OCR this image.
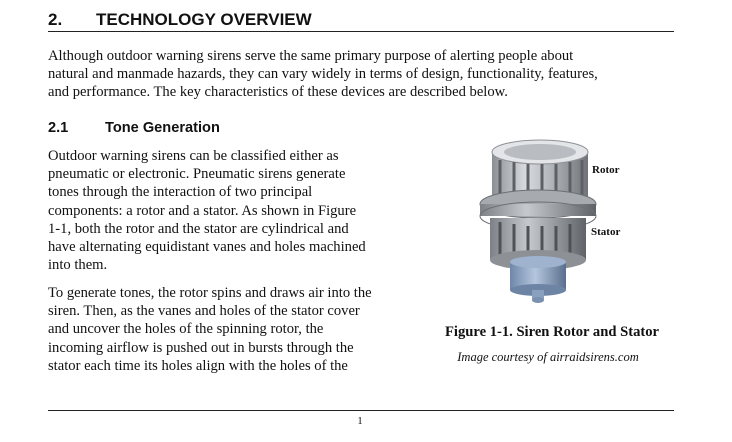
2. TECHNOLOGY OVERVIEW
Although outdoor warning sirens serve the same primary purpose of alerting people about
natural and manmade hazards, they can vary widely in terms of design, functionality, features,
and performance. The key characteristics of these devices are described below.
2.1	Tone Generation
Outdoor warning sirens can be classified either as
pneumatic or electronic. Pneumatic sirens generate
tones through the interaction of two principal
components: a rotor and a stator. As shown in Figure
1-1, both the rotor and the stator are cylindrical and
have alternating equidistant vanes and holes machined
into them.
To generate tones, the rotor spins and draws air into the
siren. Then, as the vanes and holes of the stator cover
and uncover the holes of the spinning rotor, the
incoming airflow is pushed out in bursts through the
stator each time its holes align with the holes of the
Rotor
Stator
Figure 1-1. Siren Rotor and Stator
Image courtesy of airraidsirens.com
1
